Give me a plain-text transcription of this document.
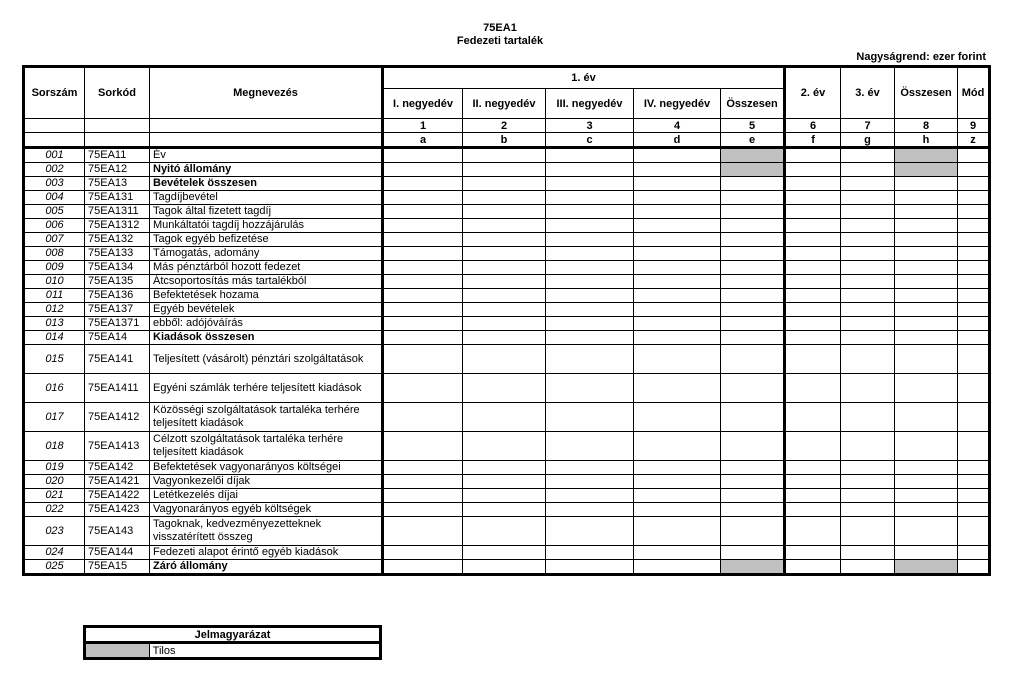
75EA1
Fedezeti tartalék
Nagyságrend: ezer forint
Sorszám	Sorkód	Megnevezés	1. év					2. év	3. év	Összesen	Mód
			I. negyedév	II. negyedév	III. negyedév	IV. negyedév	Összesen				
			1	2	3	4	5	6	7	8	9
			a	b	c	d	e	f	g	h	z
001	75EA11	Év									
002	75EA12	Nyitó állomány									
003	75EA13	Bevételek összesen									
004	75EA131	Tagdíjbevétel									
005	75EA1311	Tagok által fizetett tagdíj									
006	75EA1312	Munkáltatói tagdíj hozzájárulás									
007	75EA132	Tagok egyéb befizetése									
008	75EA133	Támogatás, adomány									
009	75EA134	Más pénztárból hozott fedezet									
010	75EA135	Átcsoportosítás más tartalékból									
011	75EA136	Befektetések hozama									
012	75EA137	Egyéb bevételek									
013	75EA1371	ebből: adójóváírás									
014	75EA14	Kiadások összesen									
015	75EA141	Teljesített (vásárolt) pénztári szolgáltatások									
016	75EA1411	Egyéni számlák terhére teljesített kiadások									
017	75EA1412	Közösségi szolgáltatások tartaléka terhére teljesített kiadások									
018	75EA1413	Célzott szolgáltatások tartaléka terhére teljesített kiadások									
019	75EA142	Befektetések vagyonarányos költségei									
020	75EA1421	Vagyonkezelői díjak									
021	75EA1422	Letétkezelés díjai									
022	75EA1423	Vagyonarányos egyéb költségek									
023	75EA143	Tagoknak, kedvezményezetteknek visszatérített összeg									
024	75EA144	Fedezeti alapot érintő egyéb kiadások									
025	75EA15	Záró állomány									
Jelmagyarázat
	Tilos
